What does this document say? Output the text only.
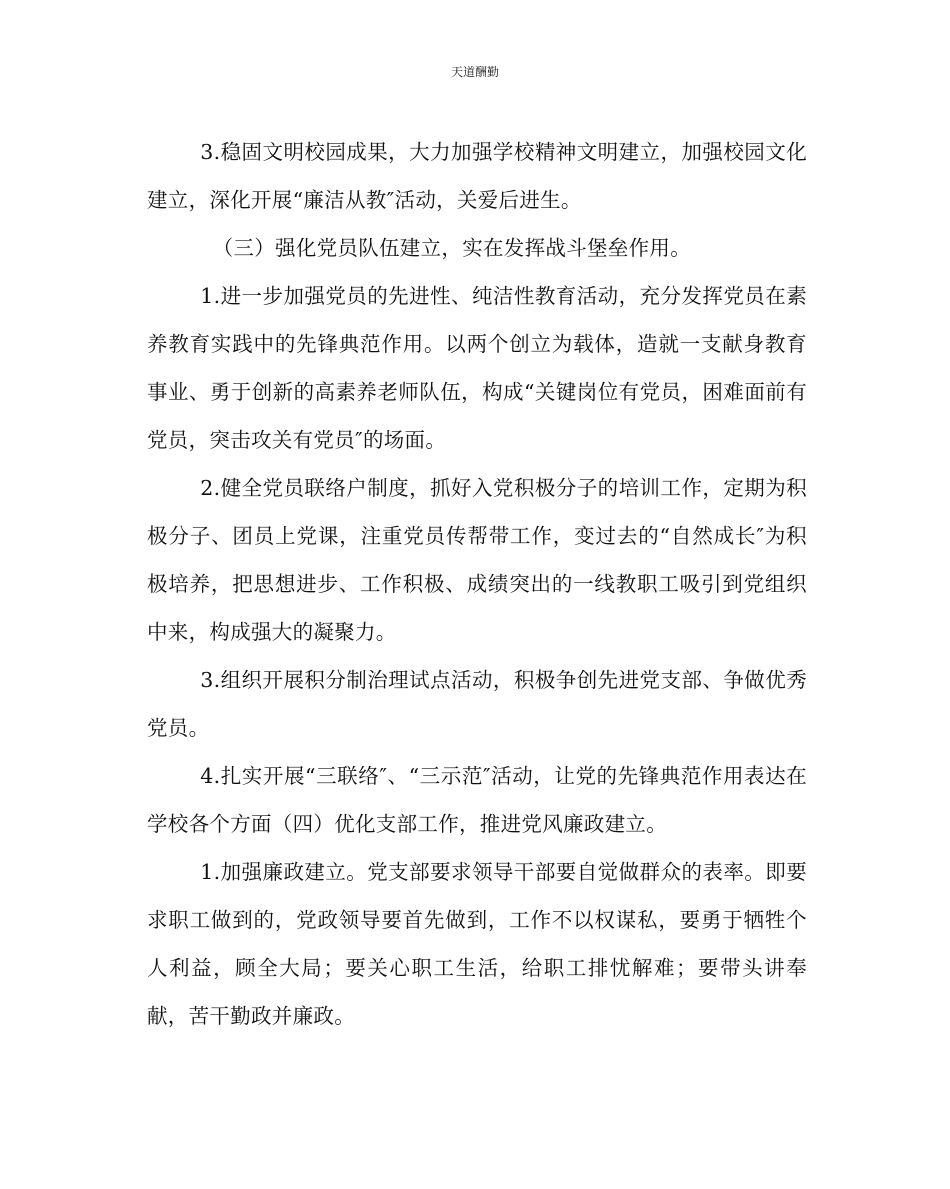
天道酬勤

3.稳固文明校园成果，大力加强学校精神文明建立，加强校园文化建立，深化开展“廉洁从教″活动，关爱后进生。

（三）强化党员队伍建立，实在发挥战斗堡垒作用。

1.进一步加强党员的先进性、纯洁性教育活动，充分发挥党员在素养教育实践中的先锋典范作用。以两个创立为载体，造就一支献身教育事业、勇于创新的高素养老师队伍，构成“关键岗位有党员，困难面前有党员，突击攻关有党员″的场面。

2.健全党员联络户制度，抓好入党积极分子的培训工作，定期为积极分子、团员上党课，注重党员传帮带工作，变过去的“自然成长″为积极培养，把思想进步、工作积极、成绩突出的一线教职工吸引到党组织中来，构成强大的凝聚力。

3.组织开展积分制治理试点活动，积极争创先进党支部、争做优秀党员。

4.扎实开展“三联络″、“三示范″活动，让党的先锋典范作用表达在学校各个方面（四）优化支部工作，推进党风廉政建立。

1.加强廉政建立。党支部要求领导干部要自觉做群众的表率。即要求职工做到的，党政领导要首先做到，工作不以权谋私，要勇于牺牲个人利益，顾全大局；要关心职工生活，给职工排忧解难；要带头讲奉献，苦干勤政并廉政。
